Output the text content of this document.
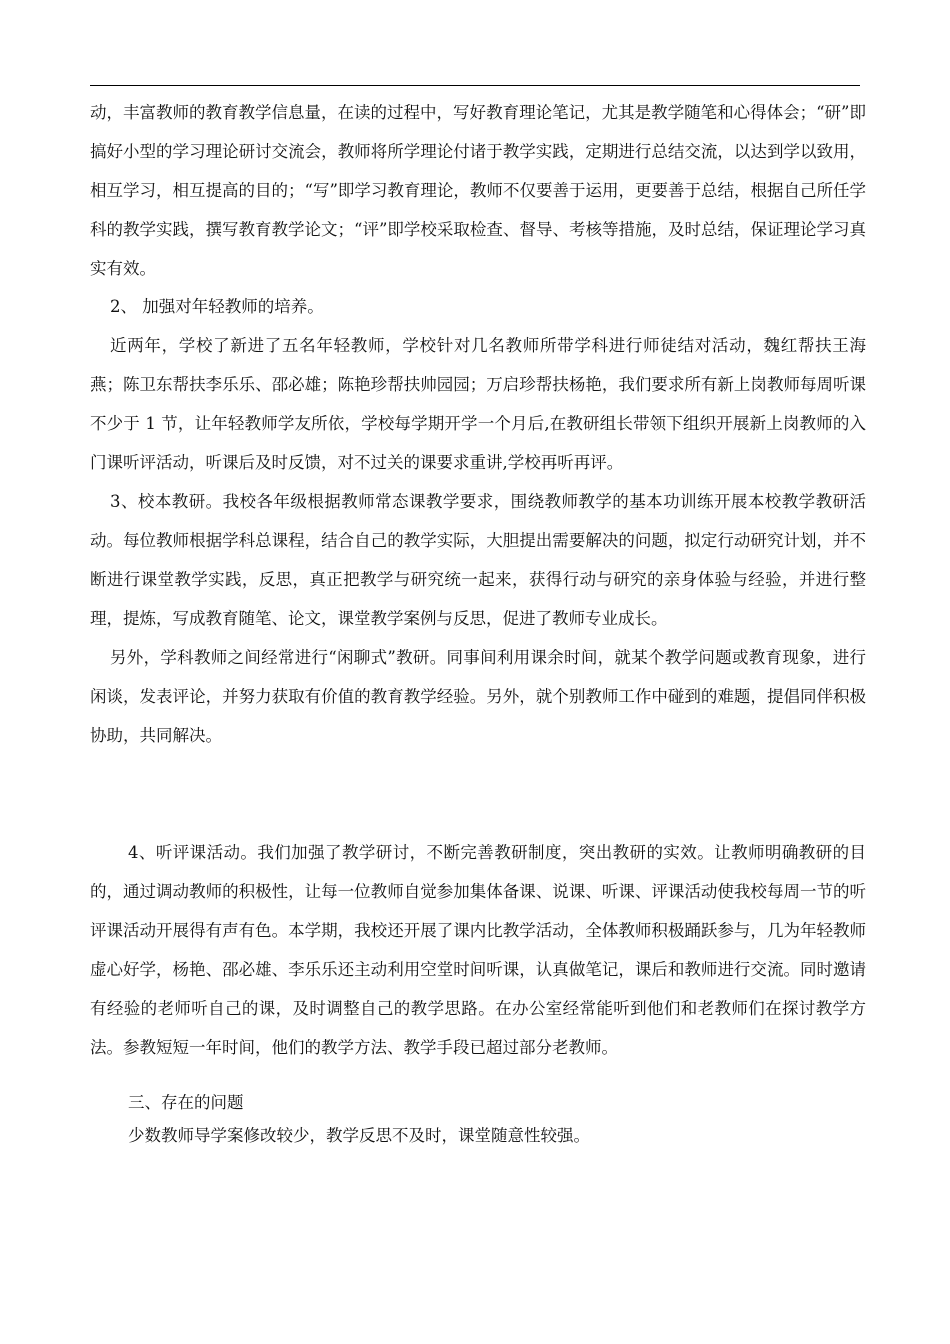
动，丰富教师的教育教学信息量，在读的过程中，写好教育理论笔记，尤其是教学随笔和心得体会；“研”即搞好小型的学习理论研讨交流会，教师将所学理论付诸于教学实践，定期进行总结交流，以达到学以致用，相互学习，相互提高的目的；“写”即学习教育理论，教师不仅要善于运用，更要善于总结，根据自己所任学科的教学实践，撰写教育教学论文；“评”即学校采取检查、督导、考核等措施，及时总结，保证理论学习真实有效。

2、 加强对年轻教师的培养。

近两年，学校了新进了五名年轻教师，学校针对几名教师所带学科进行师徒结对活动，魏红帮扶王海燕；陈卫东帮扶李乐乐、邵必雄；陈艳珍帮扶帅园园；万启珍帮扶杨艳，我们要求所有新上岗教师每周听课不少于 1 节，让年轻教师学友所依，学校每学期开学一个月后,在教研组长带领下组织开展新上岗教师的入门课听评活动，听课后及时反馈，对不过关的课要求重讲,学校再听再评。

3、校本教研。我校各年级根据教师常态课教学要求，围绕教师教学的基本功训练开展本校教学教研活动。每位教师根据学科总课程，结合自己的教学实际，大胆提出需要解决的问题，拟定行动研究计划，并不断进行课堂教学实践，反思，真正把教学与研究统一起来，获得行动与研究的亲身体验与经验，并进行整理，提炼，写成教育随笔、论文，课堂教学案例与反思，促进了教师专业成长。

另外，学科教师之间经常进行“闲聊式”教研。同事间利用课余时间，就某个教学问题或教育现象，进行闲谈，发表评论，并努力获取有价值的教育教学经验。另外，就个别教师工作中碰到的难题，提倡同伴积极协助，共同解决。

4、听评课活动。我们加强了教学研讨，不断完善教研制度，突出教研的实效。让教师明确教研的目的，通过调动教师的积极性，让每一位教师自觉参加集体备课、说课、听课、评课活动使我校每周一节的听评课活动开展得有声有色。本学期，我校还开展了课内比教学活动，全体教师积极踊跃参与，几为年轻教师 虚心好学，杨艳、邵必雄、李乐乐还主动利用空堂时间听课，认真做笔记，课后和教师进行交流。同时邀请有经验的老师听自己的课，及时调整自己的教学思路。在办公室经常能听到他们和老教师们在探讨教学方法。参教短短一年时间，他们的教学方法、教学手段已超过部分老教师。

三、存在的问题

少数教师导学案修改较少，教学反思不及时，课堂随意性较强。
